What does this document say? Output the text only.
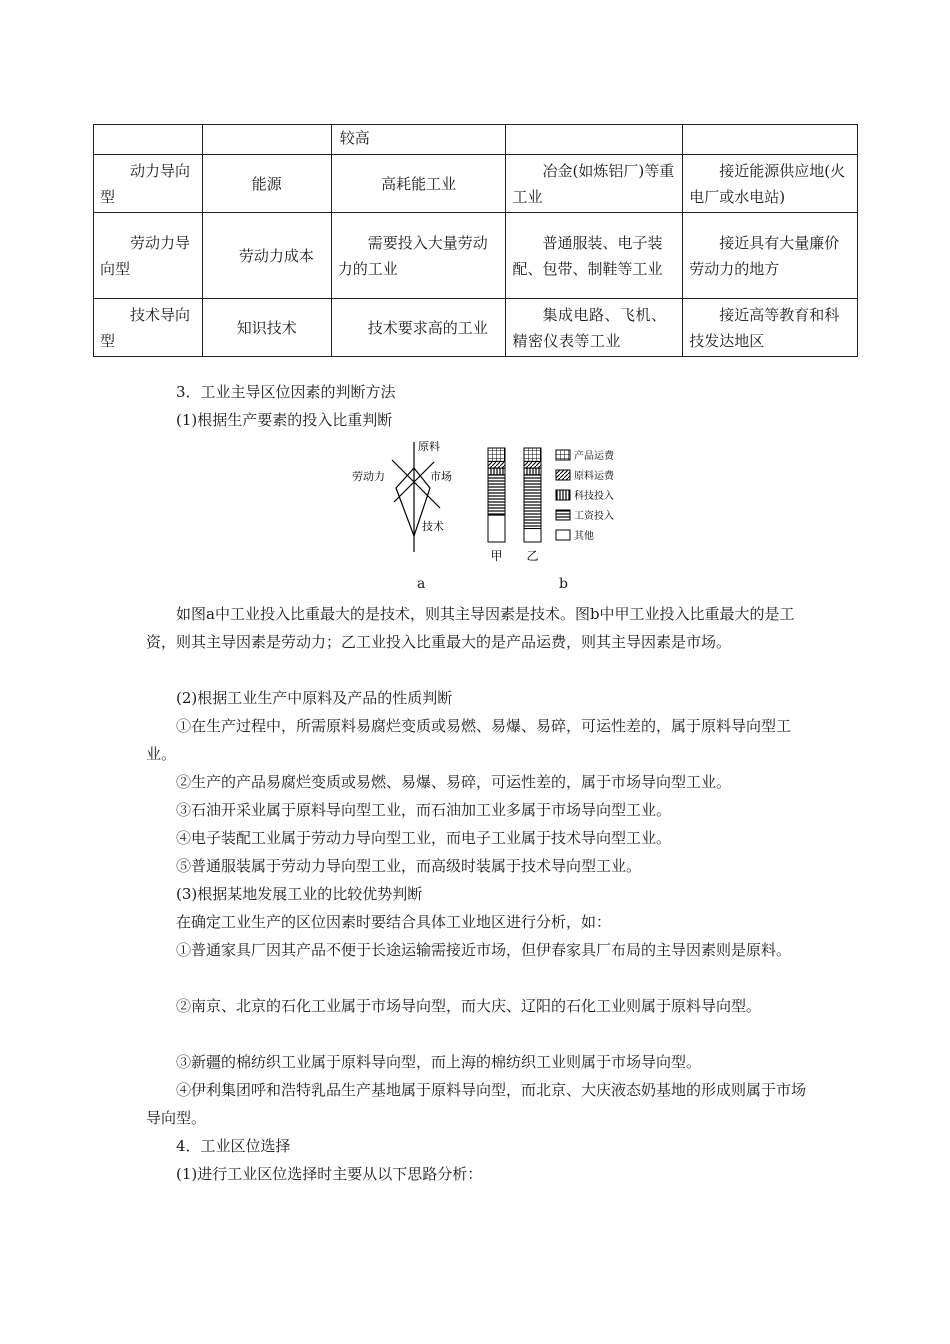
		较高		

动力导向型	能源	高耗能工业	冶金(如炼铝厂)等重工业	接近能源供应地(火电厂或水电站)

劳动力导向型	劳动力成本	需要投入大量劳动力的工业	普通服装、电子装配、包带、制鞋等工业	接近具有大量廉价劳动力的地方

技术导向型	知识技术	技术要求高的工业	集成电路、飞机、精密仪表等工业	接近高等教育和科技发达地区

3．工业主导区位因素的判断方法

(1)根据生产要素的投入比重判断

原料
劳动力	市场
技术
产品运费
原料运费
科技投入
工资投入
其他
甲 乙
a	b

如图a中工业投入比重最大的是技术，则其主导因素是技术。图b中甲工业投入比重最大的是工资，则其主导因素是劳动力；乙工业投入比重最大的是产品运费，则其主导因素是市场。

(2)根据工业生产中原料及产品的性质判断

①在生产过程中，所需原料易腐烂变质或易燃、易爆、易碎，可运性差的，属于原料导向型工业。

②生产的产品易腐烂变质或易燃、易爆、易碎，可运性差的，属于市场导向型工业。

③石油开采业属于原料导向型工业，而石油加工业多属于市场导向型工业。

④电子装配工业属于劳动力导向型工业，而电子工业属于技术导向型工业。

⑤普通服装属于劳动力导向型工业，而高级时装属于技术导向型工业。

(3)根据某地发展工业的比较优势判断

在确定工业生产的区位因素时要结合具体工业地区进行分析，如：

①普通家具厂因其产品不便于长途运输需接近市场，但伊春家具厂布局的主导因素则是原料。

②南京、北京的石化工业属于市场导向型，而大庆、辽阳的石化工业则属于原料导向型。

③新疆的棉纺织工业属于原料导向型，而上海的棉纺织工业则属于市场导向型。

④伊利集团呼和浩特乳品生产基地属于原料导向型，而北京、大庆液态奶基地的形成则属于市场导向型。

4．工业区位选择

(1)进行工业区位选择时主要从以下思路分析：
